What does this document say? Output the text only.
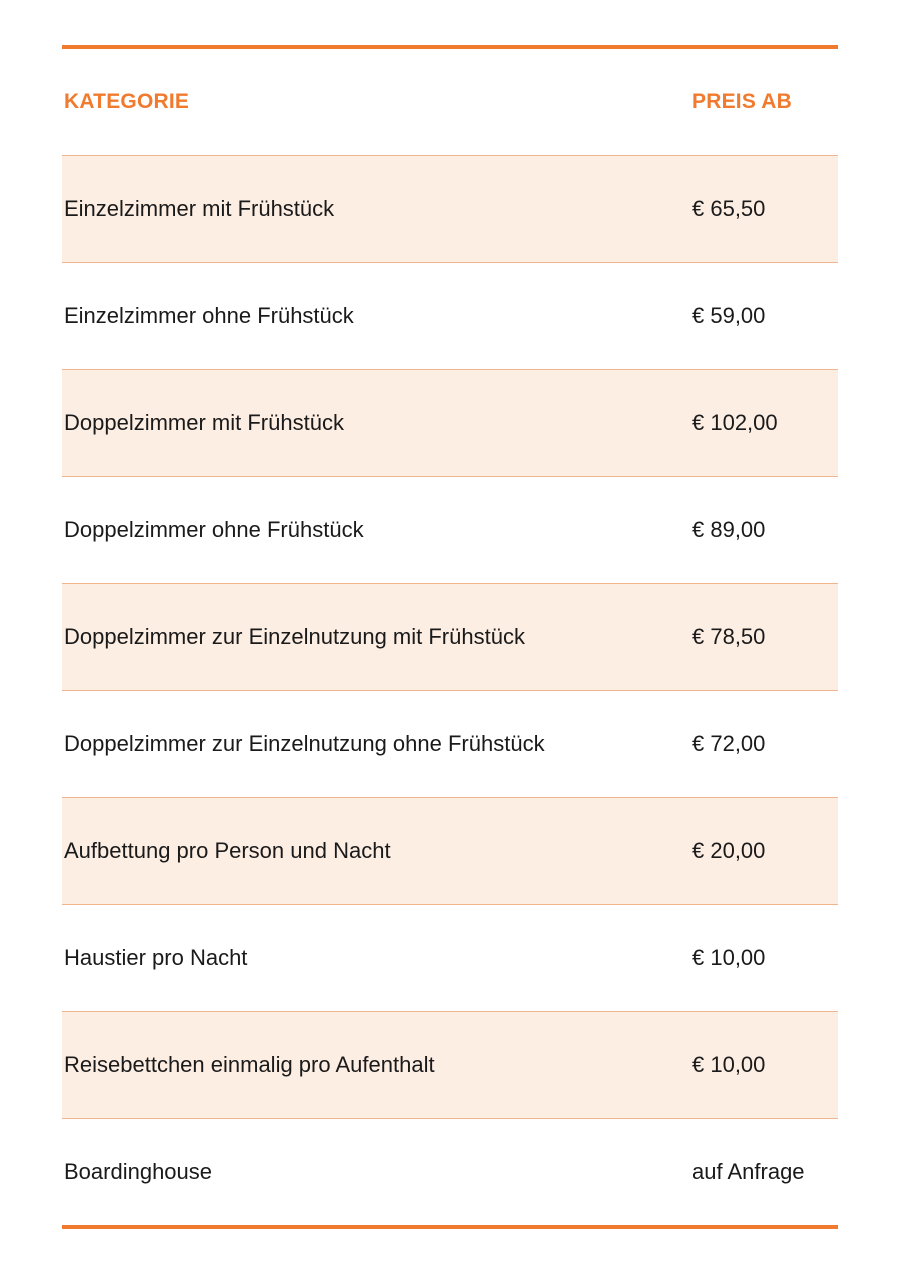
KATEGORIE	PREIS AB
Einzelzimmer mit Frühstück	€ 65,50
Einzelzimmer ohne Frühstück	€ 59,00
Doppelzimmer mit Frühstück	€ 102,00
Doppelzimmer ohne Frühstück	€ 89,00
Doppelzimmer zur Einzelnutzung mit Frühstück	€ 78,50
Doppelzimmer zur Einzelnutzung ohne Frühstück	€ 72,00
Aufbettung pro Person und Nacht	€ 20,00
Haustier pro Nacht	€ 10,00
Reisebettchen einmalig pro Aufenthalt	€ 10,00
Boardinghouse	auf Anfrage
